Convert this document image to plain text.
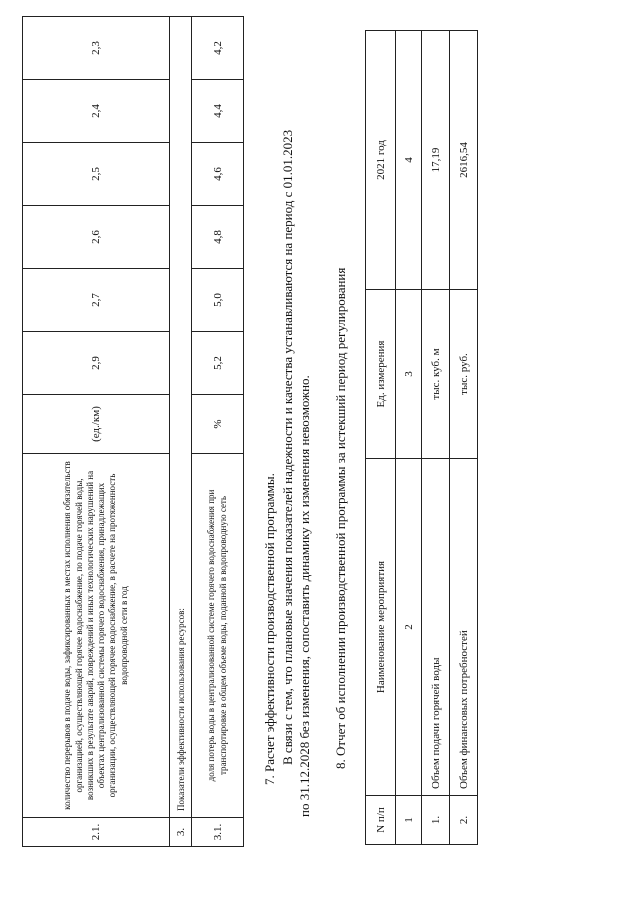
2.1.	количество перерывов в подаче воды, зафиксированных в местах исполнения обязательств организацией, осуществляющей горячее водоснабжение, по подаче горячей воды, возникших в результате аварий, повреждений и иных технологических нарушений на объектах централизованной системы горячего водоснабжения, принадлежащих организации, осуществляющей горячее водоснабжение, в расчете на протяженность водопроводной сети в год	(ед./км)	2,9	2,7	2,6	2,5	2,4	2,3
3.	Показатели эффективности использования ресурсов:							
3.1.	доля потерь воды в централизованной системе горячего водоснабжения при транспортировке в общем объеме воды, поданной в водопроводную сеть	%	5,2	5,0	4,8	4,6	4,4	4,2
7. Расчет эффективности производственной программы. В связи с тем, что плановые значения показателей надежности и качества устанавливаются на период с 01.01.2023 по 31.12.2028 без изменения, сопоставить динамику их изменения невозможно. 8. Отчет об исполнении производственной программы за истекший период регулирования
N п/п	Наименование мероприятия	Ед. измерения	2021 год
1	2	3	4
1.	Объем подачи горячей воды	тыс. куб. м	17,19
2.	Объем финансовых потребностей	тыс. руб.	2616,54
